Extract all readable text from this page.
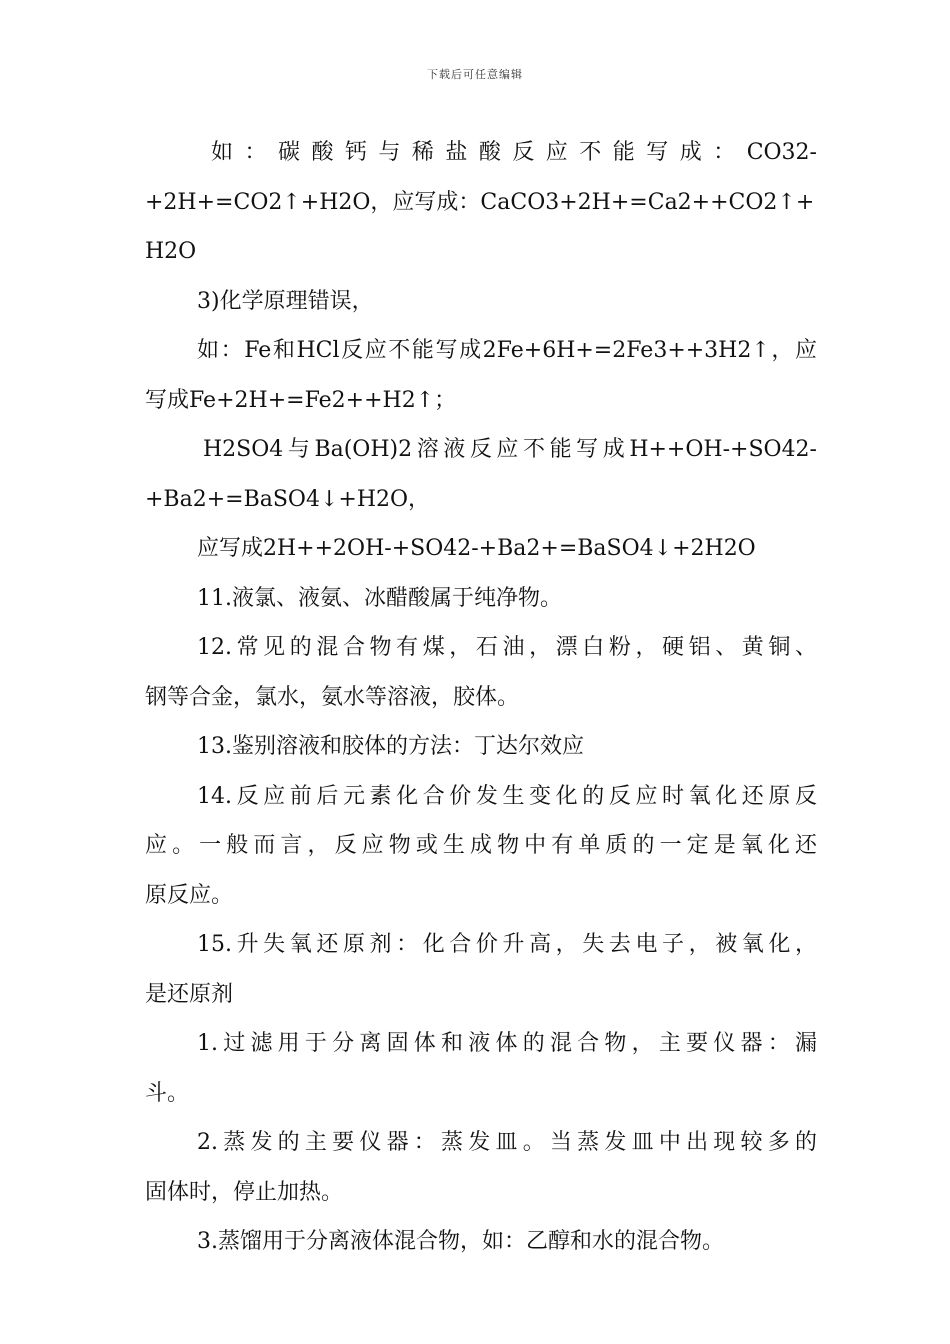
下载后可任意编辑

如：碳酸钙与稀盐酸反应不能写成：CO32-

+2H+=CO2↑+H2O，应写成：CaCO3+2H+=Ca2++CO2↑+H2O

3)化学原理错误，

如：Fe和HCl反应不能写成2Fe+6H+=2Fe3++3H2↑，应

写成Fe+2H+=Fe2++H2↑；

H2SO4与Ba(OH)2溶液反应不能写成H++OH-+SO42-

+Ba2+=BaSO4↓+H2O，

应写成2H++2OH-+SO42-+Ba2+=BaSO4↓+2H2O

11.液氯、液氨、冰醋酸属于纯净物。

12.常见的混合物有煤，石油，漂白粉，硬铝、黄铜、

钢等合金，氯水，氨水等溶液，胶体。

13.鉴别溶液和胶体的方法：丁达尔效应

14.反应前后元素化合价发生变化的反应时氧化还原反

应。一般而言，反应物或生成物中有单质的一定是氧化还

原反应。

15.升失氧还原剂：化合价升高，失去电子，被氧化，

是还原剂

1.过滤用于分离固体和液体的混合物，主要仪器：漏

斗。

2.蒸发的主要仪器：蒸发皿。当蒸发皿中出现较多的

固体时，停止加热。

3.蒸馏用于分离液体混合物，如：乙醇和水的混合物。
